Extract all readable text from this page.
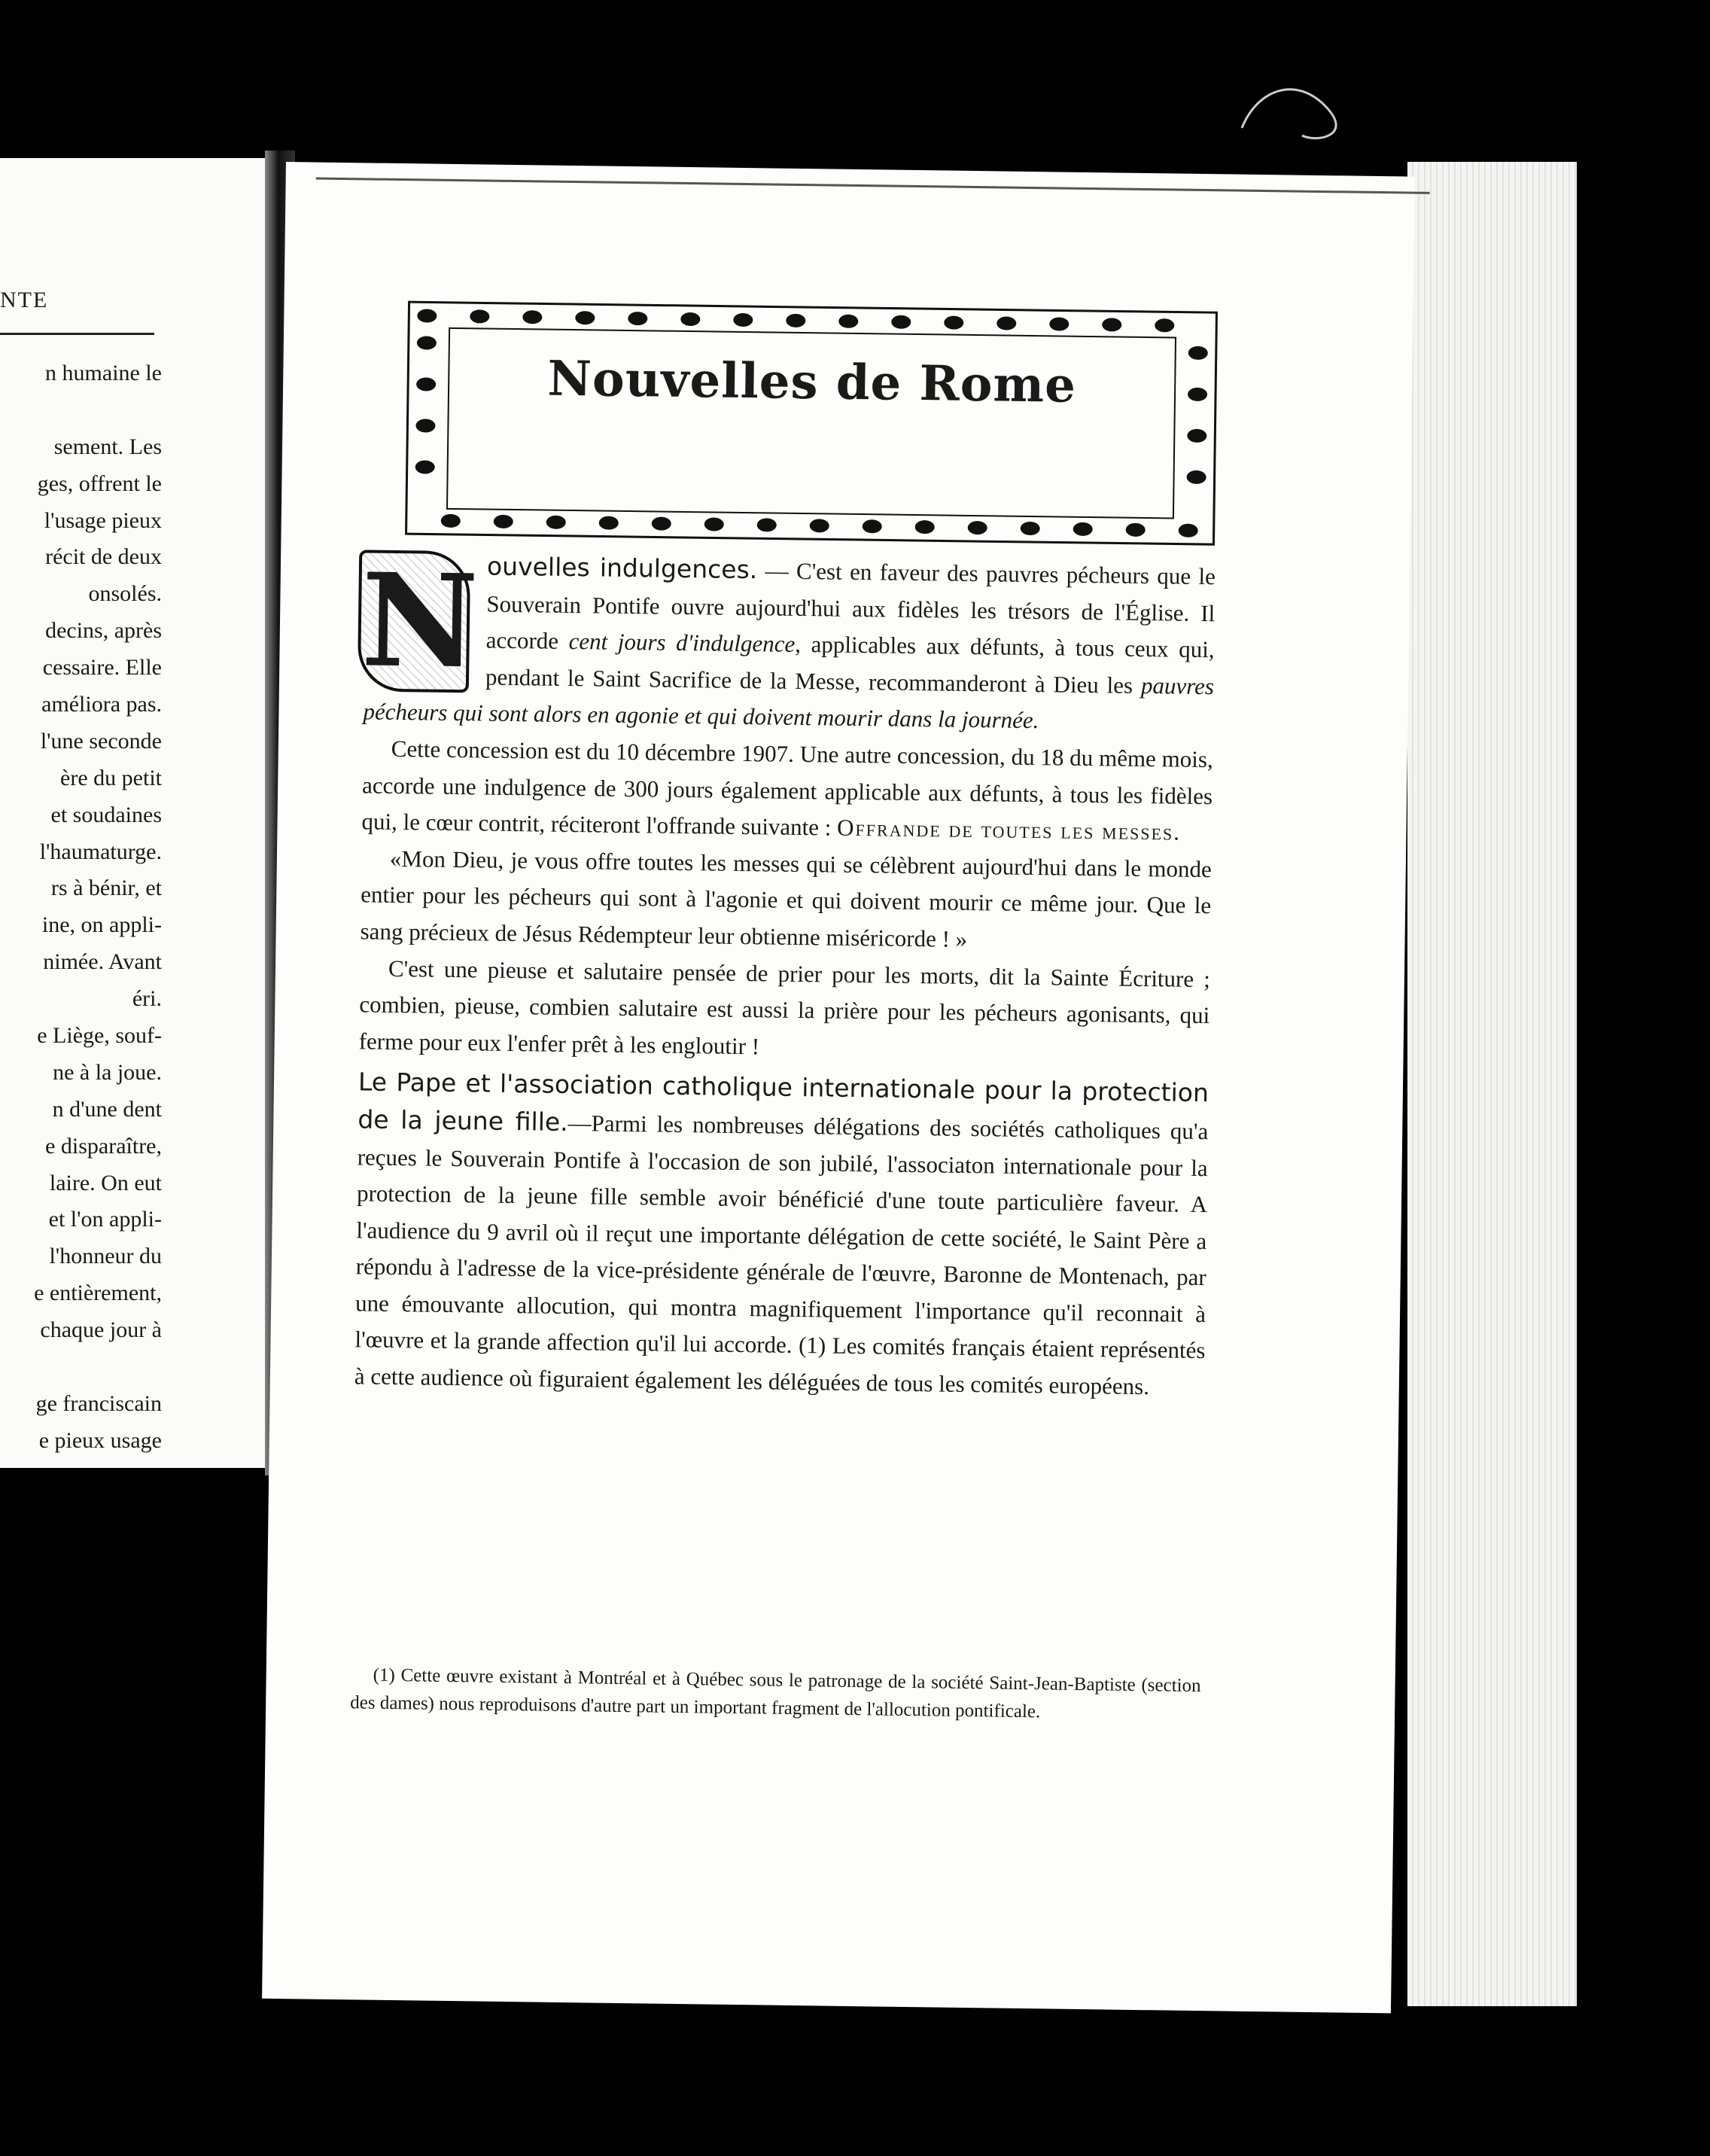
NTE
n humaine le
sement. Les
ges, offrent le
l'usage pieux
récit de deux
onsolés.
decins, après
cessaire. Elle
améliora pas.
l'une seconde
ère du petit
et soudaines
l'haumaturge.
rs à bénir, et
ine, on appli-
nimée. Avant
éri.
e Liège, souf-
ne à la joue.
n d'une dent
e disparaître,
laire. On eut
et l'on appli-
l'honneur du
e entièrement,
chaque jour à
ge franciscain
e pieux usage
Nouvelles de Rome
N ouvelles indulgences. — C'est en faveur des pauvres pécheurs que le Souverain Pontife ouvre aujourd'hui aux fidèles les trésors de l'Église. Il accorde cent jours d'indulgence, applicables aux défunts, à tous ceux qui, pendant le Saint Sacrifice de la Messe, recommanderont à Dieu les pauvres pécheurs qui sont alors en agonie et qui doivent mourir dans la journée.

Cette concession est du 10 décembre 1907. Une autre concession, du 18 du même mois, accorde une indulgence de 300 jours également applicable aux défunts, à tous les fidèles qui, le cœur contrit, réciteront l'offrande suivante : Offrande de toutes les messes.

«Mon Dieu, je vous offre toutes les messes qui se célèbrent aujourd'hui dans le monde entier pour les pécheurs qui sont à l'agonie et qui doivent mourir ce même jour. Que le sang précieux de Jésus Rédempteur leur obtienne miséricorde ! »

C'est une pieuse et salutaire pensée de prier pour les morts, dit la Sainte Écriture ; combien, pieuse, combien salutaire est aussi la prière pour les pécheurs agonisants, qui ferme pour eux l'enfer prêt à les engloutir !

Le Pape et l'association catholique internationale pour la protection de la jeune fille.—Parmi les nombreuses délégations des sociétés catholiques qu'a reçues le Souverain Pontife à l'occasion de son jubilé, l'associaton internationale pour la protection de la jeune fille semble avoir bénéficié d'une toute particulière faveur. A l'audience du 9 avril où il reçut une importante délégation de cette société, le Saint Père a répondu à l'adresse de la vice-présidente générale de l'œuvre, Baronne de Montenach, par une émouvante allocution, qui montra magnifiquement l'importance qu'il reconnait à l'œuvre et la grande affection qu'il lui accorde. (1) Les comités français étaient représentés à cette audience où figuraient également les déléguées de tous les comités européens.

(1) Cette œuvre existant à Montréal et à Québec sous le patronage de la société Saint-Jean-Baptiste (section des dames) nous reproduisons d'autre part un important fragment de l'allocution pontificale.
